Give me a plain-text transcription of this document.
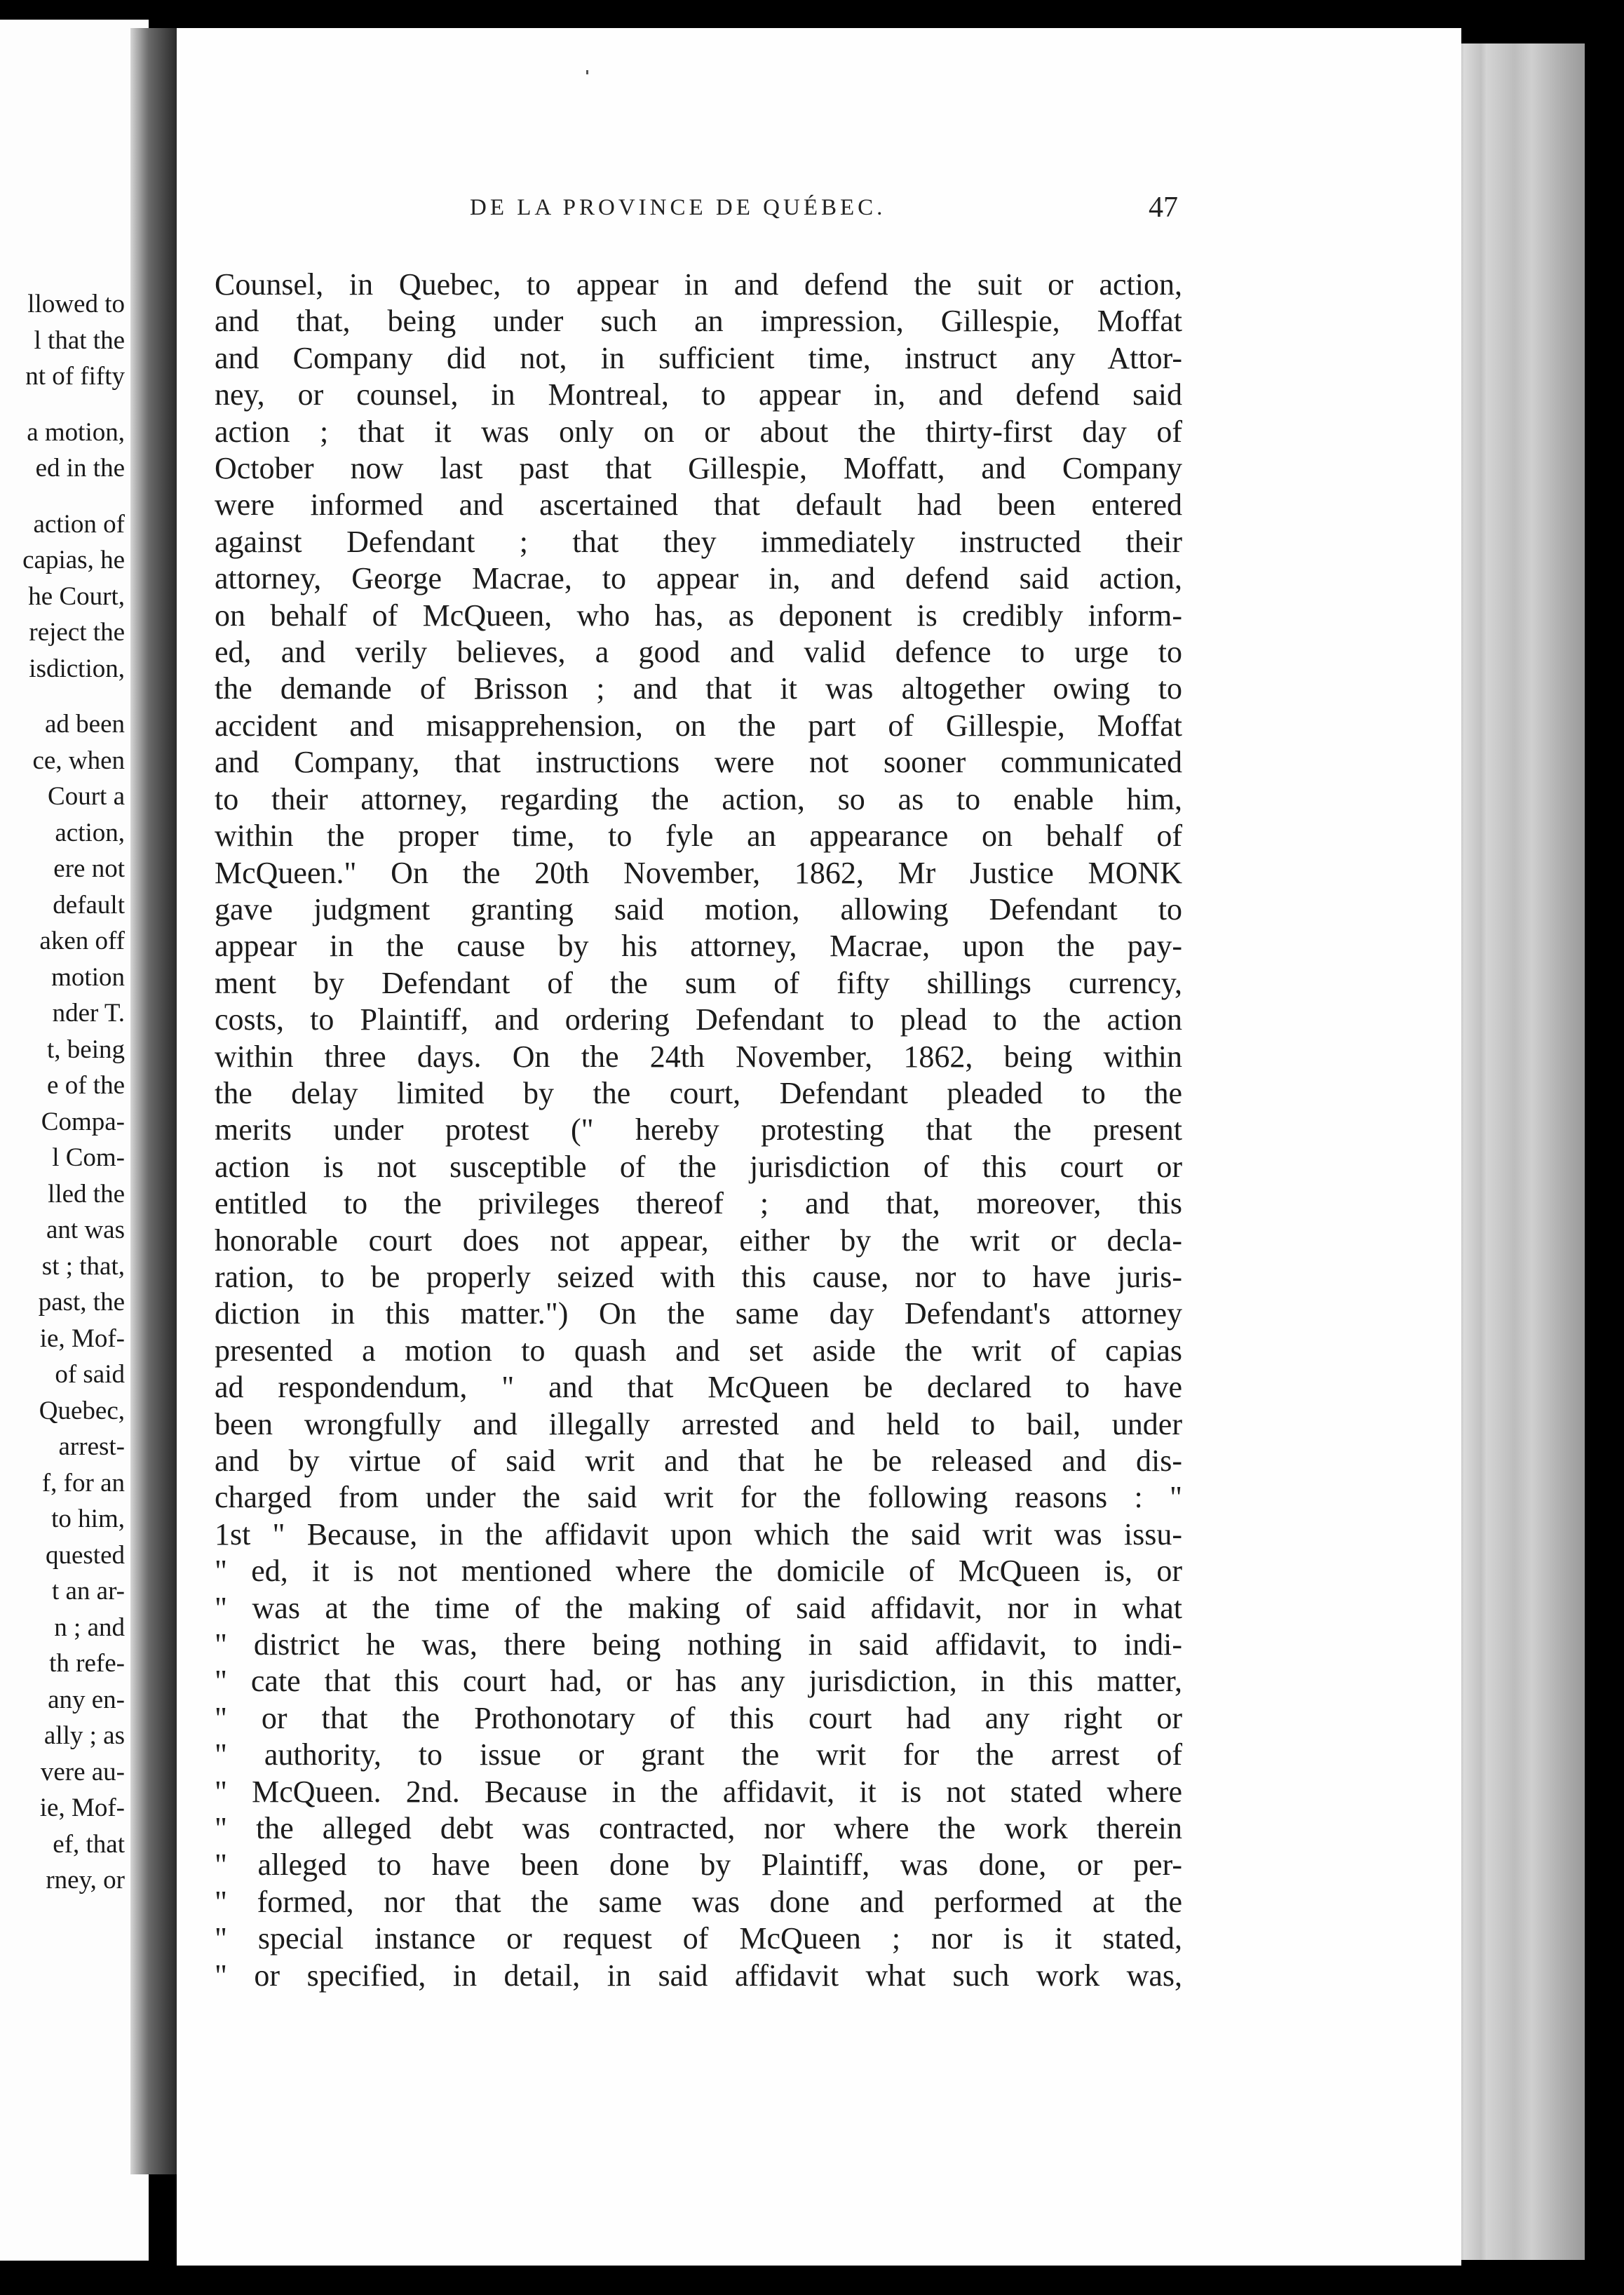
llowed to
l that the
nt of fifty
a motion,
ed in the
action of
capias, he
he Court,
reject the
isdiction,
ad been
ce, when
Court a
action,
ere not
default
aken off
motion
nder T.
t, being
e of the
Compa-
l Com-
lled the
ant was
st ; that,
past, the
ie, Mof-
of said
Quebec,
arrest-
f, for an
to him,
quested
t an ar-
n ; and
th refe-
any en-
ally ; as
vere au-
ie, Mof-
ef, that
rney, or
DE LA PROVINCE DE QUÉBEC.	47
Counsel, in Quebec, to appear in and defend the suit or action,
and that, being under such an impression, Gillespie, Moffat
and Company did not, in sufficient time, instruct any Attor-
ney, or counsel, in Montreal, to appear in, and defend said
action ; that it was only on or about the thirty-first day of
October now last past that Gillespie, Moffatt, and Company
were informed and ascertained that default had been entered
against Defendant ; that they immediately instructed their
attorney, George Macrae, to appear in, and defend said action,
on behalf of McQueen, who has, as deponent is credibly inform-
ed, and verily believes, a good and valid defence to urge to
the demande of Brisson ; and that it was altogether owing to
accident and misapprehension, on the part of Gillespie, Moffat
and Company, that instructions were not sooner communicated
to their attorney, regarding the action, so as to enable him,
within the proper time, to fyle an appearance on behalf of
McQueen." On the 20th November, 1862, Mr Justice MONK
gave judgment granting said motion, allowing Defendant to
appear in the cause by his attorney, Macrae, upon the pay-
ment by Defendant of the sum of fifty shillings currency,
costs, to Plaintiff, and ordering Defendant to plead to the action
within three days. On the 24th November, 1862, being within
the delay limited by the court, Defendant pleaded to the
merits under protest (" hereby protesting that the present
action is not susceptible of the jurisdiction of this court or
entitled to the privileges thereof ; and that, moreover, this
honorable court does not appear, either by the writ or decla-
ration, to be properly seized with this cause, nor to have juris-
diction in this matter.") On the same day Defendant's attorney
presented a motion to quash and set aside the writ of capias
ad respondendum, " and that McQueen be declared to have
been wrongfully and illegally arrested and held to bail, under
and by virtue of said writ and that he be released and dis-
charged from under the said writ for the following reasons : "
1st " Because, in the affidavit upon which the said writ was issu-
" ed, it is not mentioned where the domicile of McQueen is, or
" was at the time of the making of said affidavit, nor in what
" district he was, there being nothing in said affidavit, to indi-
" cate that this court had, or has any jurisdiction, in this matter,
" or that the Prothonotary of this court had any right or
" authority, to issue or grant the writ for the arrest of
" McQueen. 2nd. Because in the affidavit, it is not stated where
" the alleged debt was contracted, nor where the work therein
" alleged to have been done by Plaintiff, was done, or per-
" formed, nor that the same was done and performed at the
" special instance or request of McQueen ; nor is it stated,
" or specified, in detail, in said affidavit what such work was,
